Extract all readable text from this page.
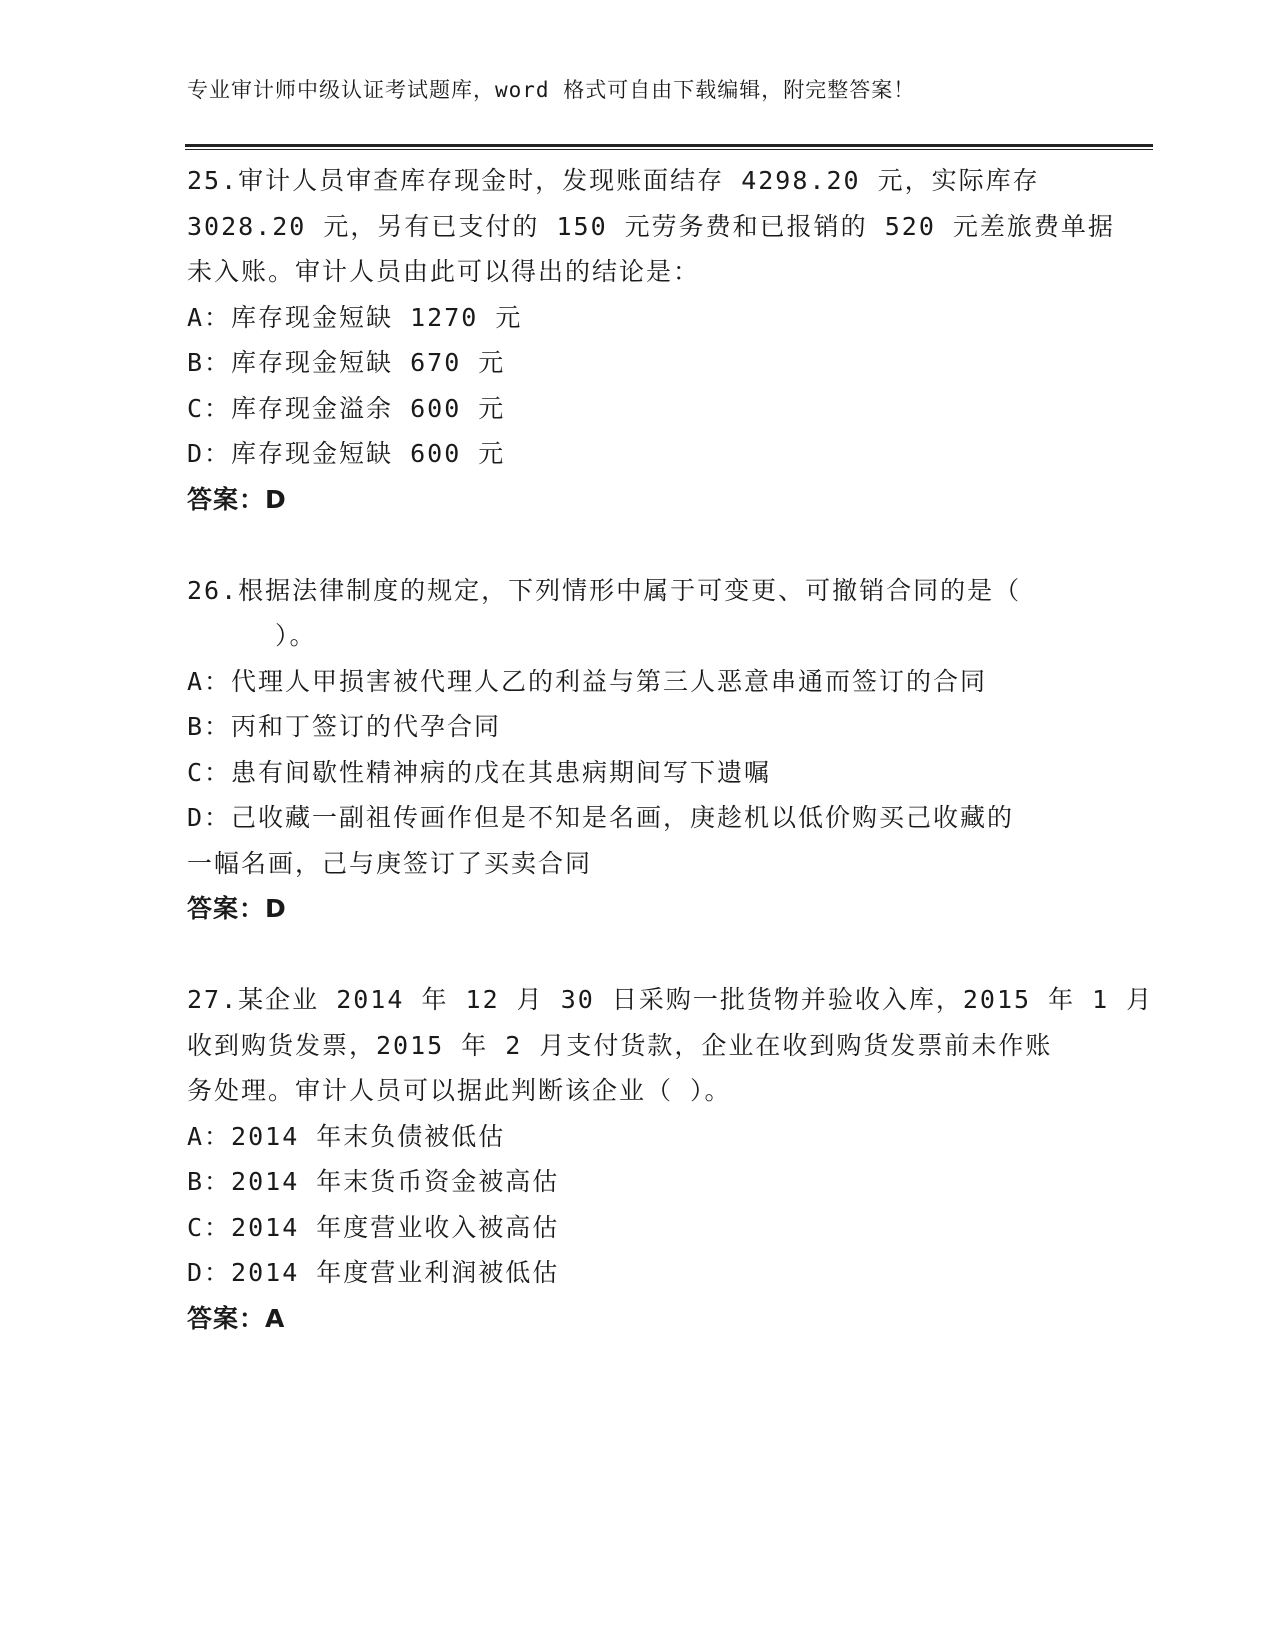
专业审计师中级认证考试题库，word 格式可自由下载编辑，附完整答案！

25.审计人员审查库存现金时，发现账面结存 4298.20 元，实际库存

3028.20 元，另有已支付的 150 元劳务费和已报销的 520 元差旅费单据

未入账。审计人员由此可以得出的结论是：

A：库存现金短缺 1270 元

B：库存现金短缺 670 元

C：库存现金溢余 600 元

D：库存现金短缺 600 元

答案：D

26.根据法律制度的规定，下列情形中属于可变更、可撤销合同的是（

）。

A：代理人甲损害被代理人乙的利益与第三人恶意串通而签订的合同

B：丙和丁签订的代孕合同

C：患有间歇性精神病的戊在其患病期间写下遗嘱

D：己收藏一副祖传画作但是不知是名画，庚趁机以低价购买己收藏的

一幅名画，己与庚签订了买卖合同

答案：D

27.某企业 2014 年 12 月 30 日采购一批货物并验收入库，2015 年 1 月

收到购货发票，2015 年 2 月支付货款，企业在收到购货发票前未作账

务处理。审计人员可以据此判断该企业（ ）。

A：2014 年末负债被低估

B：2014 年末货币资金被高估

C：2014 年度营业收入被高估

D：2014 年度营业利润被低估

答案：A
